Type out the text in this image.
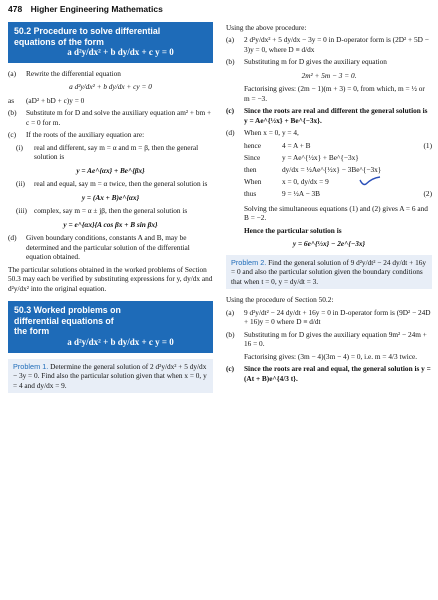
478 Higher Engineering Mathematics
50.2 Procedure to solve differential
equations of the form
a d²y/dx² + b dy/dx + c y = 0
(a) Rewrite the differential equation
a d²y/dx² + b dy/dx + cy = 0
as (aD² + bD + c)y = 0
(b) Substitute m for D and solve the auxiliary equation am² + bm + c = 0 for m.
(c) If the roots of the auxiliary equation are:
(i) real and different, say m = α and m = β, then the general solution is
y = Ae^{αx} + Be^{βx}
(ii) real and equal, say m = α twice, then the general solution is
y = (Ax + B)e^{αx}
(iii) complex, say m = α ± jβ, then the general solution is
y = e^{αx}{A cos βx + B sin βx}
(d) Given boundary conditions, constants A and B, may be determined and the particular solution of the differential equation obtained.

The particular solutions obtained in the worked problems of Section 50.3 may each be verified by substituting expressions for y, dy/dx and d²y/dx² into the original equation.

50.3 Worked problems on
differential equations of
the form
a d²y/dx² + b dy/dx + c y = 0
Problem 1. Determine the general solution of 2 d²y/dx² + 5 dy/dx − 3y = 0. Find also the particular solution given that when x = 0, y = 4 and dy/dx = 9.

Using the above procedure:

(a) 2 d²y/dx² + 5 dy/dx − 3y = 0 in D-operator form is (2D² + 5D − 3)y = 0, where D ≡ d/dx
(b) Substituting m for D gives the auxiliary equation
2m² + 5m − 3 = 0.
Factorising gives: (2m − 1)(m + 3) = 0, from which, m = ½ or m = −3.
(c) Since the roots are real and different the general solution is y = Ae^{½x} + Be^{−3x}.
(d) When x = 0, y = 4,
hence	4 = A + B	(1)
Since	y = Ae^{½x} + Be^{−3x}
then	dy/dx = ½Ae^{½x} − 3Be^{−3x}
When	x = 0, dy/dx = 9
thus	9 = ½A − 3B	(2)
Solving the simultaneous equations (1) and (2) gives A = 6 and B = −2.
Hence the particular solution is
y = 6e^{½x} − 2e^{−3x}
Problem 2. Find the general solution of 9 d²y/dt² − 24 dy/dt + 16y = 0 and also the particular solution given the boundary conditions that when t = 0, y = dy/dt = 3.

Using the procedure of Section 50.2:

(a) 9 d²y/dt² − 24 dy/dt + 16y = 0 in D-operator form is (9D² − 24D + 16)y = 0 where D ≡ d/dt
(b) Substituting m for D gives the auxiliary equation 9m² − 24m + 16 = 0.
Factorising gives: (3m − 4)(3m − 4) = 0, i.e. m = 4/3 twice.
(c) Since the roots are real and equal, the general solution is y = (At + B)e^{4/3 t}.
